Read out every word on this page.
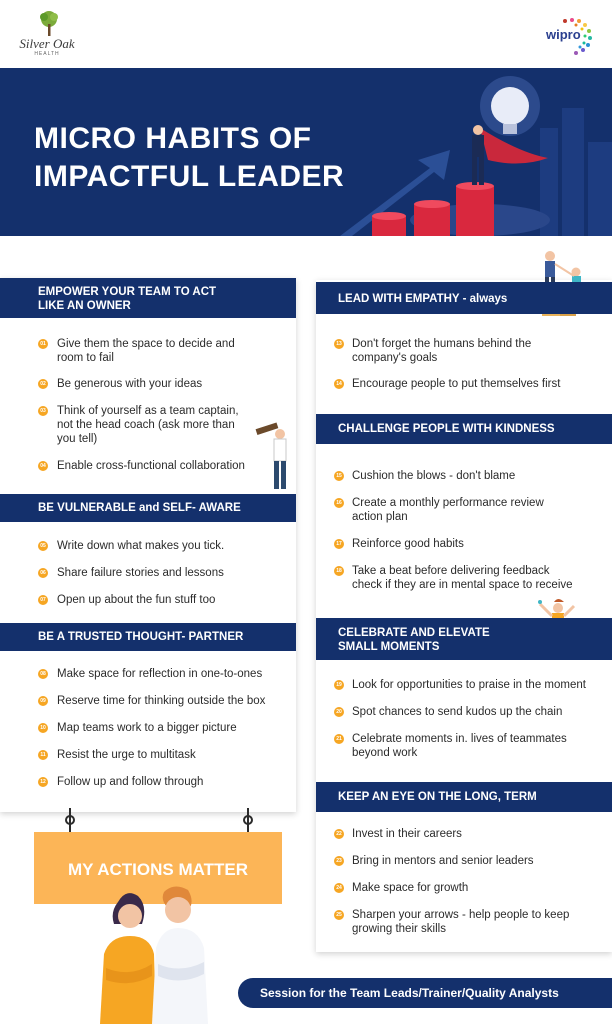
Silver Oak
HEALTH
wipro
MICRO HABITS OF
IMPACTFUL LEADER
EMPOWER YOUR TEAM TO ACT
LIKE AN OWNER
01 Give them the space to decide and
room to fail
02 Be generous with your ideas
03 Think of yourself as a team captain,
not the head coach (ask more than
you tell)
04 Enable cross-functional collaboration
BE VULNERABLE and SELF- AWARE
05 Write down what makes you tick.
06 Share failure stories and lessons
07 Open up about the fun stuff too
BE A TRUSTED THOUGHT- PARTNER
08 Make space for reflection in one-to-ones
09 Reserve time for thinking outside the box
10 Map teams work to a bigger picture
11 Resist the urge to multitask
12 Follow up and follow through
LEAD WITH EMPATHY - always
13 Don't forget the humans behind the
company's goals
14 Encourage people to put themselves first
CHALLENGE PEOPLE WITH KINDNESS
15 Cushion the blows - don't blame
16 Create a monthly performance review
action plan
17 Reinforce good habits
18 Take a beat before delivering feedback
check if they are in mental space to receive
CELEBRATE AND ELEVATE
SMALL MOMENTS
19 Look for opportunities to praise in the moment
20 Spot chances to send kudos up the chain
21 Celebrate moments in. lives of teammates
beyond work
KEEP AN EYE ON THE LONG, TERM
22 Invest in their careers
23 Bring in mentors and senior leaders
24 Make space for growth
25 Sharpen your arrows - help people to keep
growing their skills
MY ACTIONS MATTER
Session for the Team Leads/Trainer/Quality Analysts
